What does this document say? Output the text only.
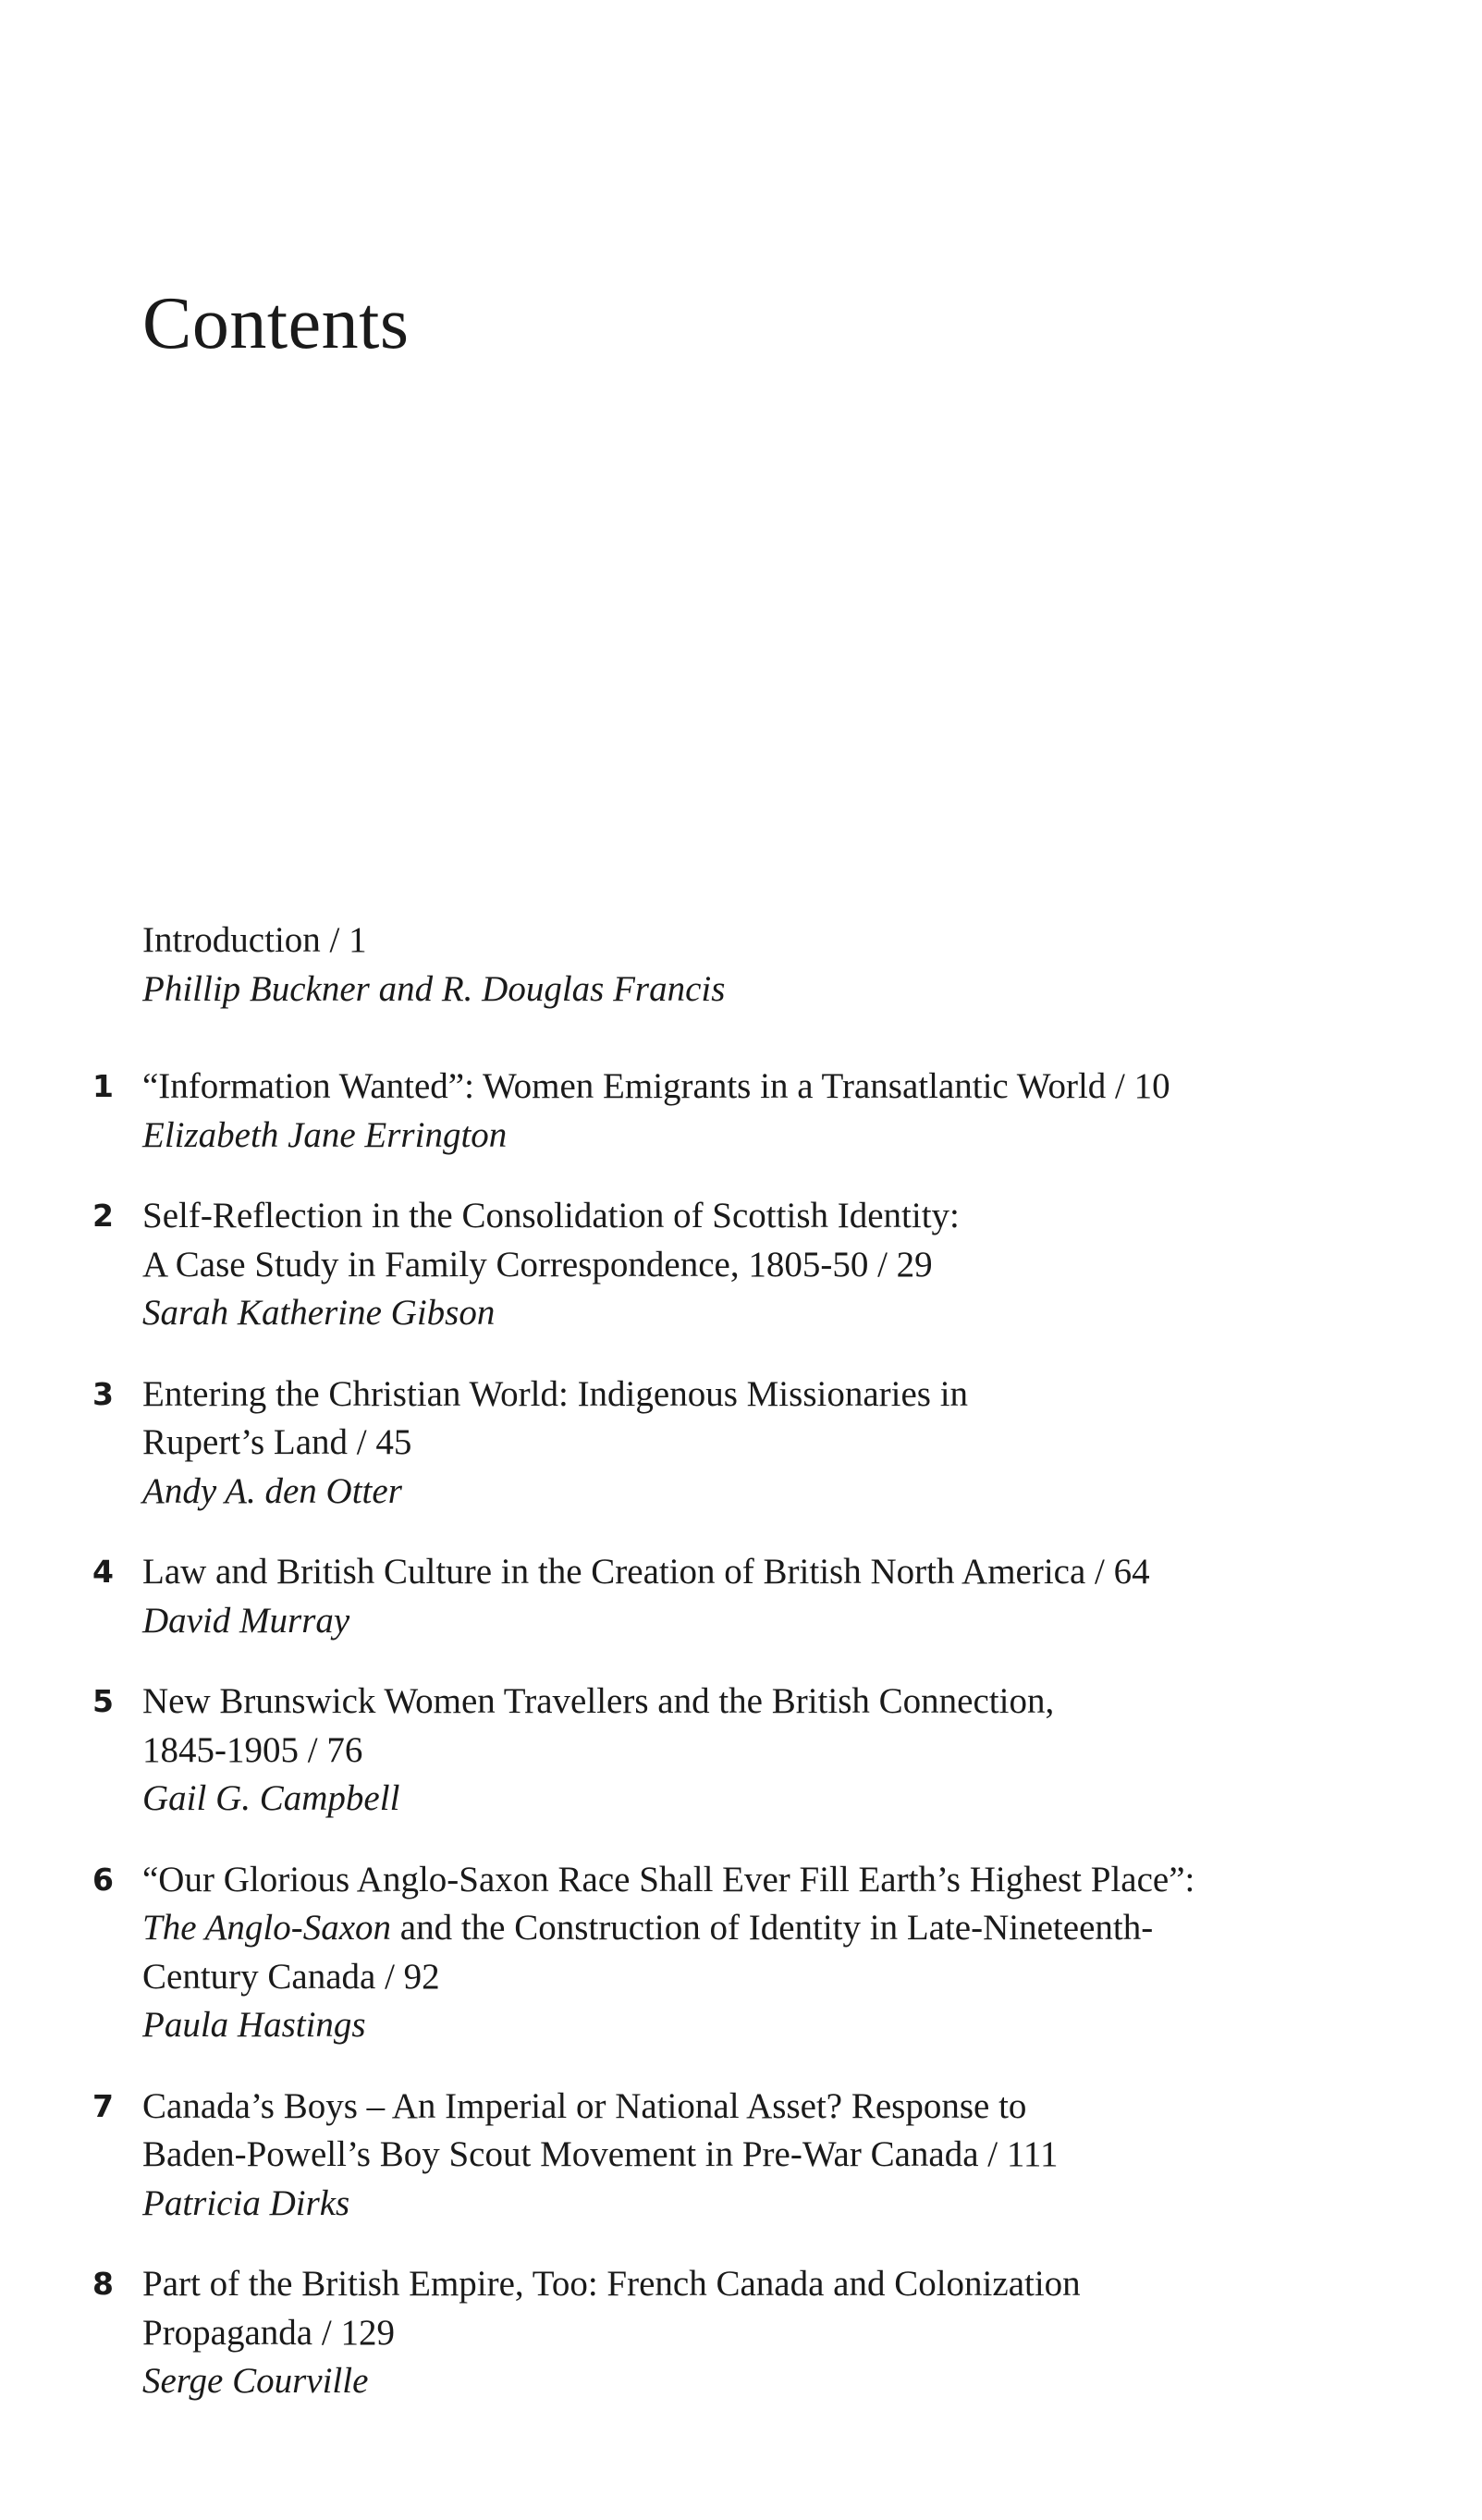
Contents
Introduction / 1
Phillip Buckner and R. Douglas Francis
1 “Information Wanted”: Women Emigrants in a Transatlantic World / 10
Elizabeth Jane Errington
2 Self-Reflection in the Consolidation of Scottish Identity:
A Case Study in Family Correspondence, 1805-50 / 29
Sarah Katherine Gibson
3 Entering the Christian World: Indigenous Missionaries in
Rupert’s Land / 45
Andy A. den Otter
4 Law and British Culture in the Creation of British North America / 64
David Murray
5 New Brunswick Women Travellers and the British Connection,
1845-1905 / 76
Gail G. Campbell
6 “Our Glorious Anglo-Saxon Race Shall Ever Fill Earth’s Highest Place”:
The Anglo-Saxon and the Construction of Identity in Late-Nineteenth-
Century Canada / 92
Paula Hastings
7 Canada’s Boys – An Imperial or National Asset? Response to
Baden-Powell’s Boy Scout Movement in Pre-War Canada / 111
Patricia Dirks
8 Part of the British Empire, Too: French Canada and Colonization
Propaganda / 129
Serge Courville
